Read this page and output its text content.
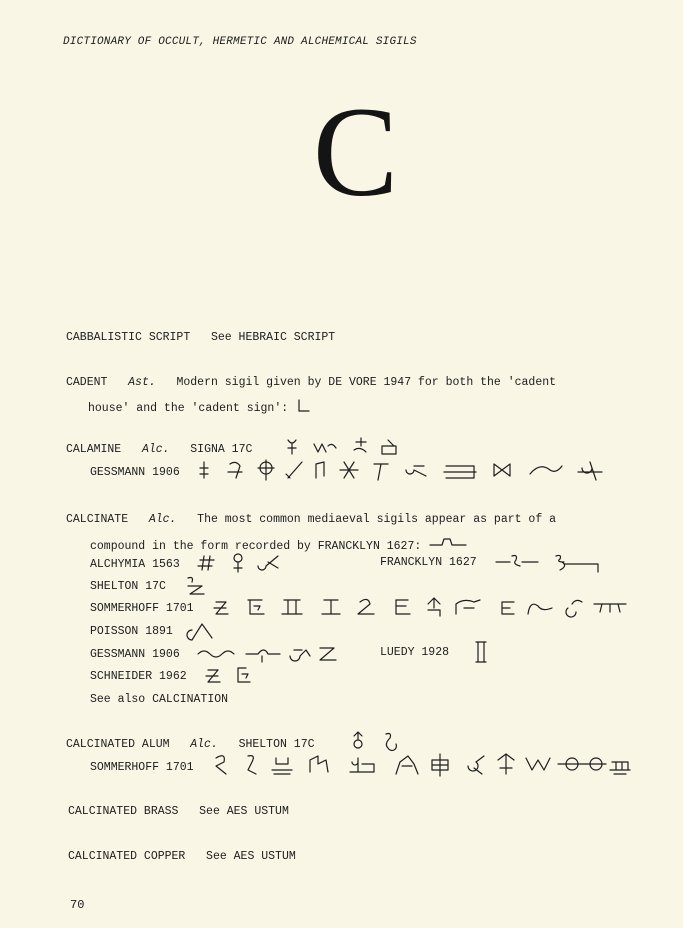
DICTIONARY OF OCCULT, HERMETIC AND ALCHEMICAL SIGILS
C
CABBALISTIC SCRIPT See HEBRAIC SCRIPT
CADENT Ast. Modern sigil given by DE VORE 1947 for both the 'cadent
house' and the 'cadent sign':
CALAMINE Alc. SIGNA 17C
GESSMANN 1906
CALCINATE Alc. The most common mediaeval sigils appear as part of a
compound in the form recorded by FRANCKLYN 1627:
ALCHYMIA 1563	FRANCKLYN 1627
SHELTON 17C
SOMMERHOFF 1701
POISSON 1891
GESSMANN 1906	LUEDY 1928
SCHNEIDER 1962
See also CALCINATION
CALCINATED ALUM Alc. SHELTON 17C
SOMMERHOFF 1701
CALCINATED BRASS See AES USTUM
CALCINATED COPPER See AES USTUM
70
